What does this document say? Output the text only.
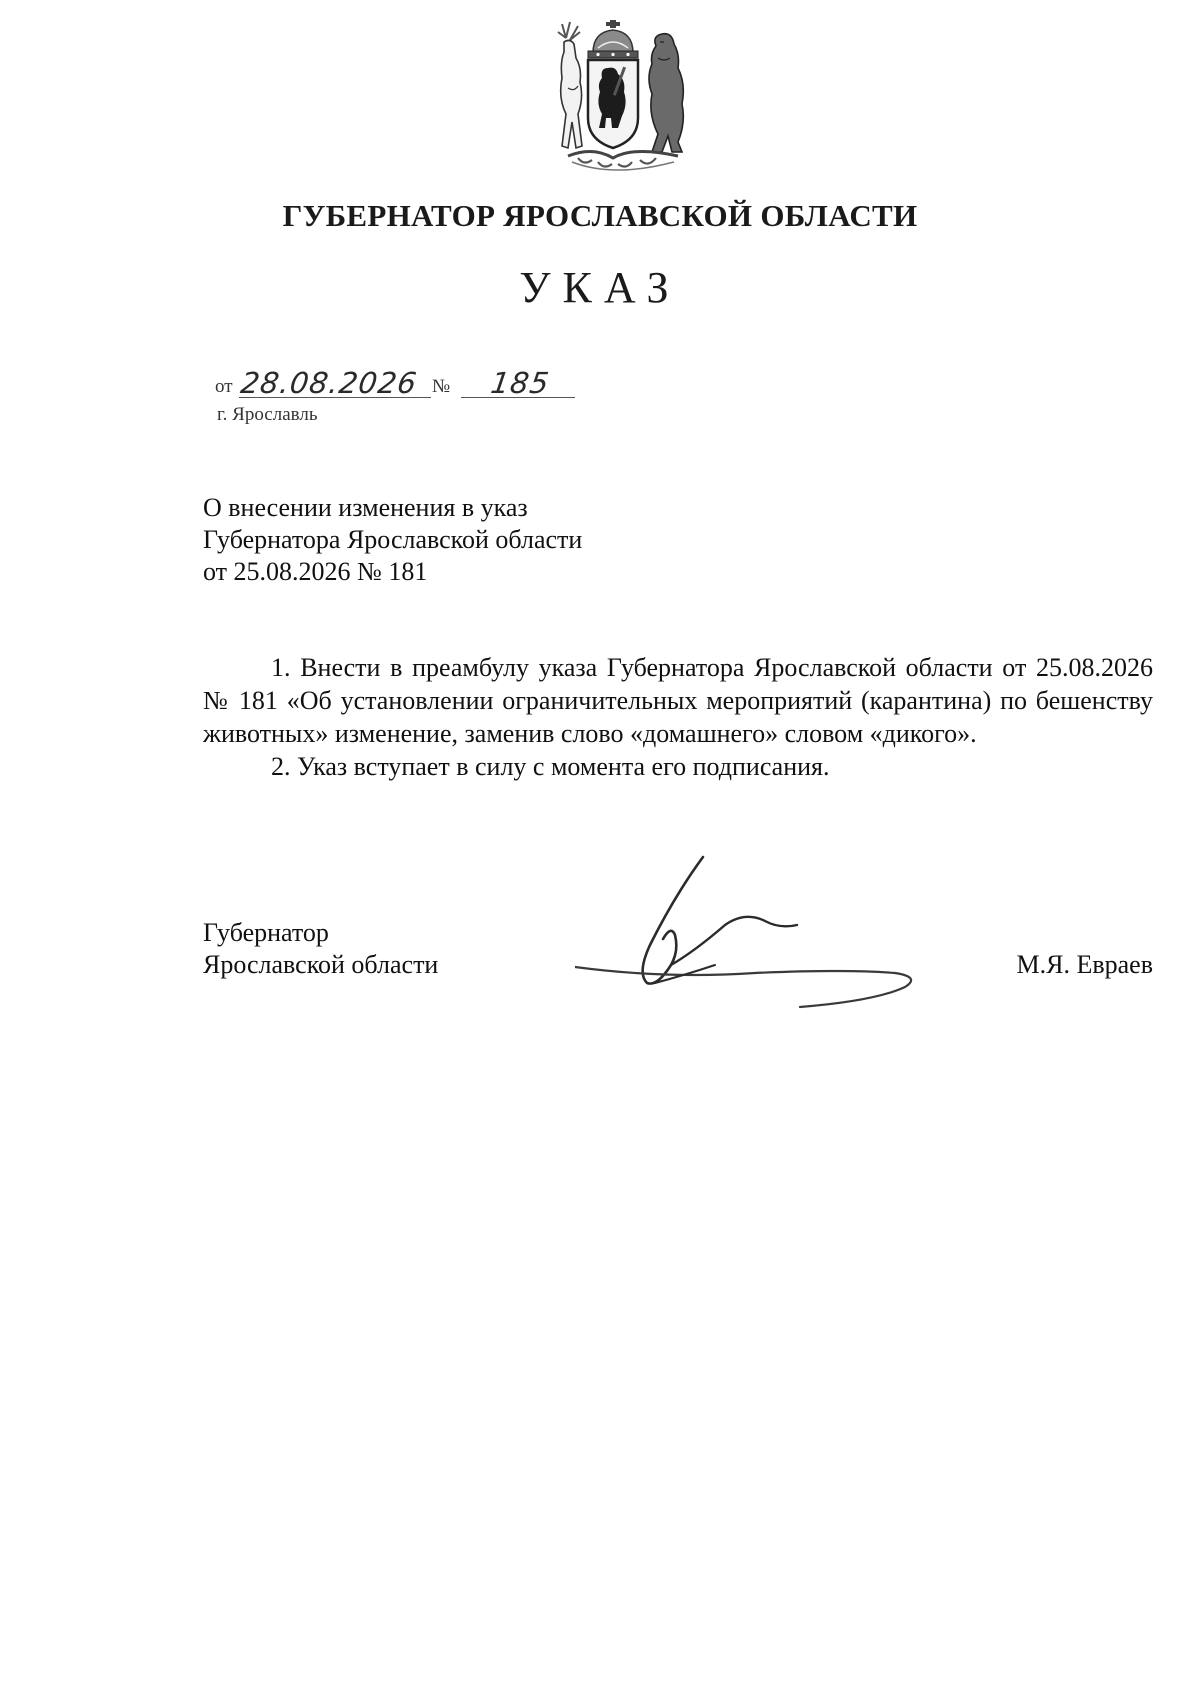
ГУБЕРНАТОР ЯРОСЛАВСКОЙ ОБЛАСТИ
УКАЗ
от 28.08.2026 № 185
г. Ярославль
О внесении изменения в указ
Губернатора Ярославской области
от 25.08.2026 № 181

1. Внести в преамбулу указа Губернатора Ярославской области от 25.08.2026 № 181 «Об установлении ограничительных мероприятий (карантина) по бешенству животных» изменение, заменив слово «домашнего» словом «дикого».

2. Указ вступает в силу с момента его подписания.

Губернатор
Ярославской области	М.Я. Евраев
